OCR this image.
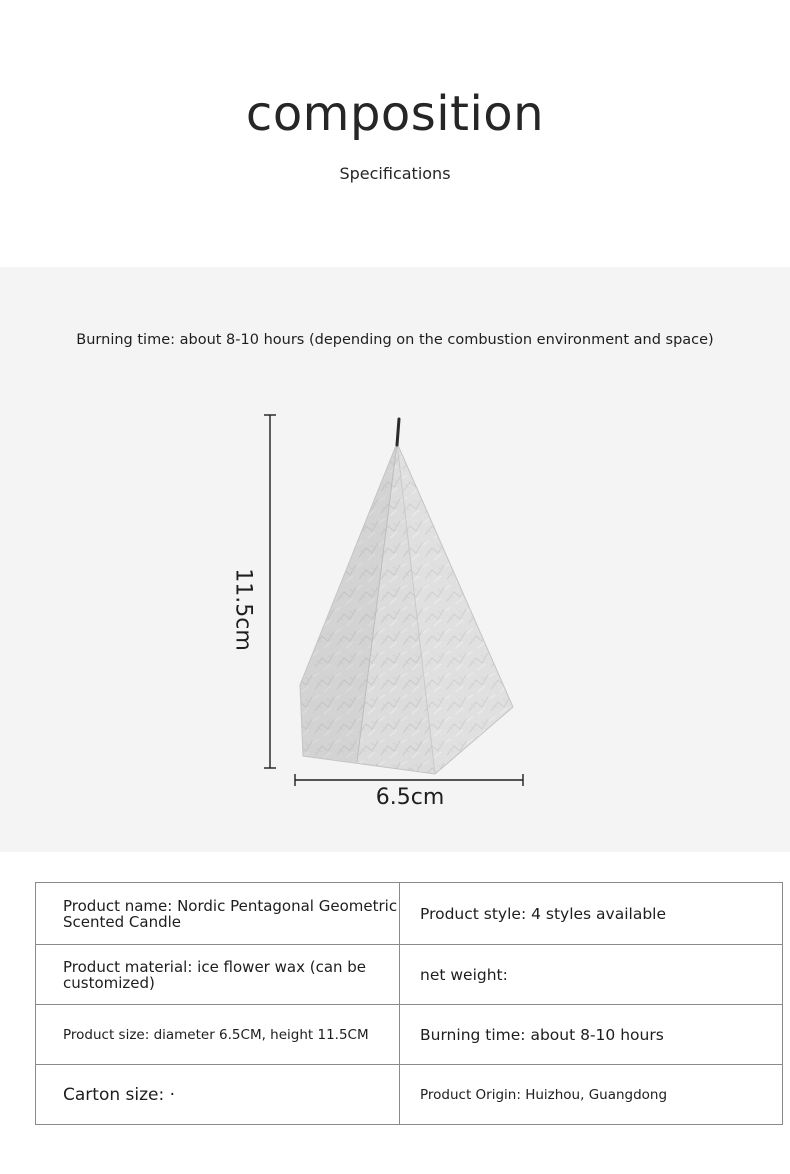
composition
Specifications
Burning time: about 8-10 hours (depending on the combustion environment and space)
11.5cm
6.5cm
Product name: Nordic Pentagonal Geometric Scented Candle	Product style: 4 styles available
Product material: ice flower wax (can be customized)	net weight:
Product size: diameter 6.5CM, height 11.5CM	Burning time: about 8-10 hours
Carton size: ·	Product Origin: Huizhou, Guangdong
